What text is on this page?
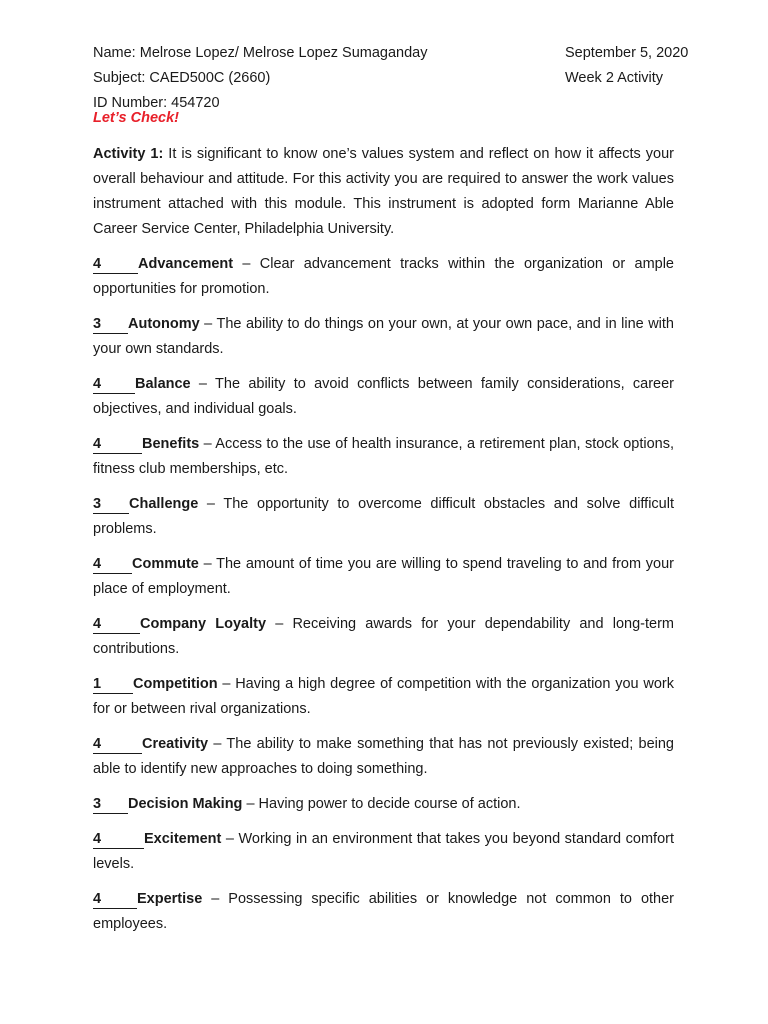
Name: Melrose Lopez/ Melrose Lopez Sumaganday	September 5, 2020
Subject: CAED500C (2660)	Week 2 Activity
ID Number: 454720
Let’s Check!

Activity 1: It is significant to know one’s values system and reflect on how it affects your overall behaviour and attitude. For this activity you are required to answer the work values instrument attached with this module. This instrument is adopted form Marianne Able Career Service Center, Philadelphia University.

4	Advancement – Clear advancement tracks within the organization or ample opportunities for promotion.

3 Autonomy – The ability to do things on your own, at your own pace, and in line with your own standards.

4 Balance – The ability to avoid conflicts between family considerations, career objectives, and individual goals.

4	Benefits – Access to the use of health insurance, a retirement plan, stock options, fitness club memberships, etc.

3 Challenge – The opportunity to overcome difficult obstacles and solve difficult problems.

4 Commute – The amount of time you are willing to spend traveling to and from your place of employment.

4	Company Loyalty – Receiving awards for your dependability and long-term contributions.

1 Competition – Having a high degree of competition with the organization you work for or between rival organizations.

4	Creativity – The ability to make something that has not previously existed; being able to identify new approaches to doing something.

3 Decision Making – Having power to decide course of action.

4	Excitement – Working in an environment that takes you beyond standard comfort levels.

4 Expertise – Possessing specific abilities or knowledge not common to other employees.
